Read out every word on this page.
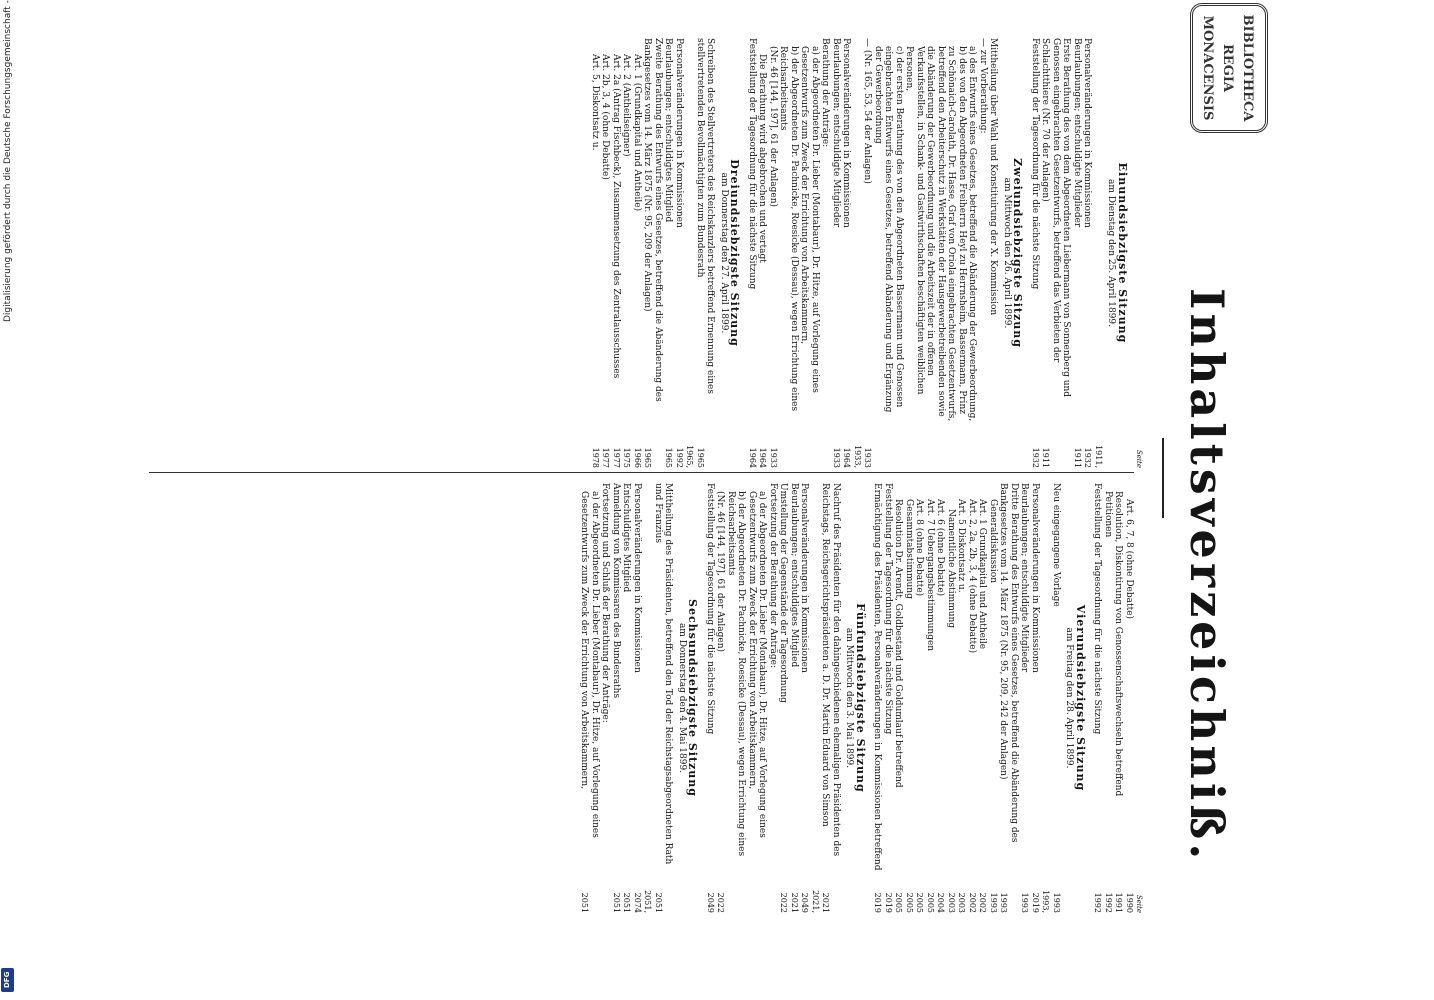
Digitalisierung gefördert durch die Deutsche Forschungsgemeinschaft -
DFG
BIBLIOTHECA
REGIA
MONACENSIS
Inhaltsverzeichniß.
Seite
Einundsiebzigste Sitzung
am Dienstag den 25. April 1899.
Personalveränderungen in Kommissionen
1911, 1932
Beurlaubungen; entschuldigte Mitglieder
1911
Erste Berathung des von dem Abgeordneten Liebermann von Sonnenberg und Genossen eingebrachten Gesetzentwurfs, betreffend das Verbieten der Schlachtthiere (Nr. 70 der Anlagen)
1911
Feststellung der Tagesordnung für die nächste Sitzung
1932
Zweiundsiebzigste Sitzung
am Mittwoch den 26. April 1899.
Mittheilung über Wahl und Konstituirung der X. Kommission
— zur Vorberathung:
a) des Entwurfs eines Gesetzes, betreffend die Abänderung der Gewerbeordnung,
b) des von den Abgeordneten Freiherrn Heyl zu Herrnsheim, Bassermann, Prinz zu Schönaich-Carolath, Dr. Hasse, Graf von Oriola eingebrachten Gesetzentwurfs, betreffend den Arbeiterschutz in Werkstätten der Hausgewerbetreibenden sowie die Abänderung der Gewerbeordnung und die Arbeitszeit der in offenen Verkaufsstellen, in Schank- und Gastwirthschaften beschäftigten weiblichen Personen,
c) der ersten Berathung des von den Abgeordneten Bassermann und Genossen eingebrachten Entwurfs eines Gesetzes, betreffend Abänderung und Ergänzung der Gewerbeordnung
— (Nr. 165, 53, 54 der Anlagen)
1933
Personalveränderungen in Kommissionen
1933, 1964
Beurlaubungen; entschuldigte Mitglieder
1933
Berathung der Anträge:
a) der Abgeordneten Dr. Lieber (Montabaur), Dr. Hitze, auf Vorlegung eines Gesetzentwurfs zum Zweck der Errichtung von Arbeitskammern,
b) der Abgeordneten Dr. Pachnicke, Roesicke (Dessau), wegen Errichtung eines Reichsarbeitsamts
(Nr. 46 [144, 197], 61 der Anlagen)
1933
Die Berathung wird abgebrochen und vertagt
1964
Feststellung der Tagesordnung für die nächste Sitzung
1964
Dreiundsiebzigste Sitzung
am Donnerstag den 27. April 1899.
Schreiben des Stellvertreters des Reichskanzlers betreffend Ernennung eines stellvertretenden Bevollmächtigten zum Bundesrath
1965
Personalveränderungen in Kommissionen
1965, 1992
Beurlaubungen; entschuldigtes Mitglied
1965
Zweite Berathung des Entwurfs eines Gesetzes, betreffend die Abänderung des Bankgesetzes vom 14. März 1875 (Nr. 95, 209 der Anlagen)
1965
Art. 1 (Grundkapital und Antheile)
1966
Art. 2 (Antheilseigner)
1975
Art. 2a (Antrag Fischbeck), Zusammensetzung des Zentralausschusses
1977
Art. 2b, 3, 4 (ohne Debatte)
1977
Art. 5, Diskontsatz u.
1978
Seite
Art. 6, 7, 8 (ohne Debatte)
1990
Resolution, Diskontirung von Genossenschaftswechseln betreffend
1991
Petitionen
1992
Feststellung der Tagesordnung für die nächste Sitzung
1992
Vierundsiebzigste Sitzung
am Freitag den 28. April 1899.
Neu eingegangene Vorlage
1993
Personalveränderungen in Kommissionen
1993, 2019
Beurlaubungen; entschuldigte Mitglieder
1993
Dritte Berathung des Entwurfs eines Gesetzes, betreffend die Abänderung des Bankgesetzes vom 14. März 1875 (Nr. 95, 209, 242 der Anlagen)
1993
Generaldiskussion
1993
Art. 1 Grundkapital und Antheile
2002
Art. 2, 2a, 2b, 3, 4 (ohne Debatte)
2002
Art. 5 Diskontsatz u.
2003
Namentliche Abstimmung
2003
Art. 6 (ohne Debatte)
2004
Art. 7 Uebergangsbestimmungen
2005
Art. 8 (ohne Debatte)
2005
Gesammtabstimmung
2005
Resolution Dr. Arendt, Goldbestand und Goldumlauf betreffend
2005
Feststellung der Tagesordnung für die nächste Sitzung
2019
Ermächtigung des Präsidenten, Personalveränderungen in Kommissionen betreffend
2019
Fünfundsiebzigste Sitzung
am Mittwoch den 3. Mai 1899.
Nachruf des Präsidenten für den dahingeschiedenen ehemaligen Präsidenten des Reichstags, Reichsgerichtspräsidenten a. D. Dr. Martin Eduard von Simson
2021
Personalveränderungen in Kommissionen
2021, 2049
Beurlaubungen; entschuldigtes Mitglied
2021
Umstellung der Gegenstände der Tagesordnung
2022
Fortsetzung der Berathung der Anträge:
a) der Abgeordneten Dr. Lieber (Montabaur), Dr. Hitze, auf Vorlegung eines Gesetzentwurfs zum Zweck der Errichtung von Arbeitskammern,
b) der Abgeordneten Dr. Pachnicke, Roesicke (Dessau), wegen Errichtung eines Reichsarbeitsamts
(Nr. 46 [144, 197], 61 der Anlagen)
2022
Feststellung der Tagesordnung für die nächste Sitzung
2049
Sechsundsiebzigste Sitzung
am Donnerstag den 4. Mai 1899.
Mittheilung des Präsidenten, betreffend den Tod der Reichstagsabgeordneten Rath und Franzius
2051
Personalveränderungen in Kommissionen
2051, 2074
Entschuldigtes Mitglied
2051
Anmeldung von Kommissaren des Bundesraths
2051
Fortsetzung und Schluß der Berathung der Anträge:
a) der Abgeordneten Dr. Lieber (Montabaur), Dr. Hitze, auf Vorlegung eines Gesetzentwurfs zum Zweck der Errichtung von Arbeitskammern,
2051
